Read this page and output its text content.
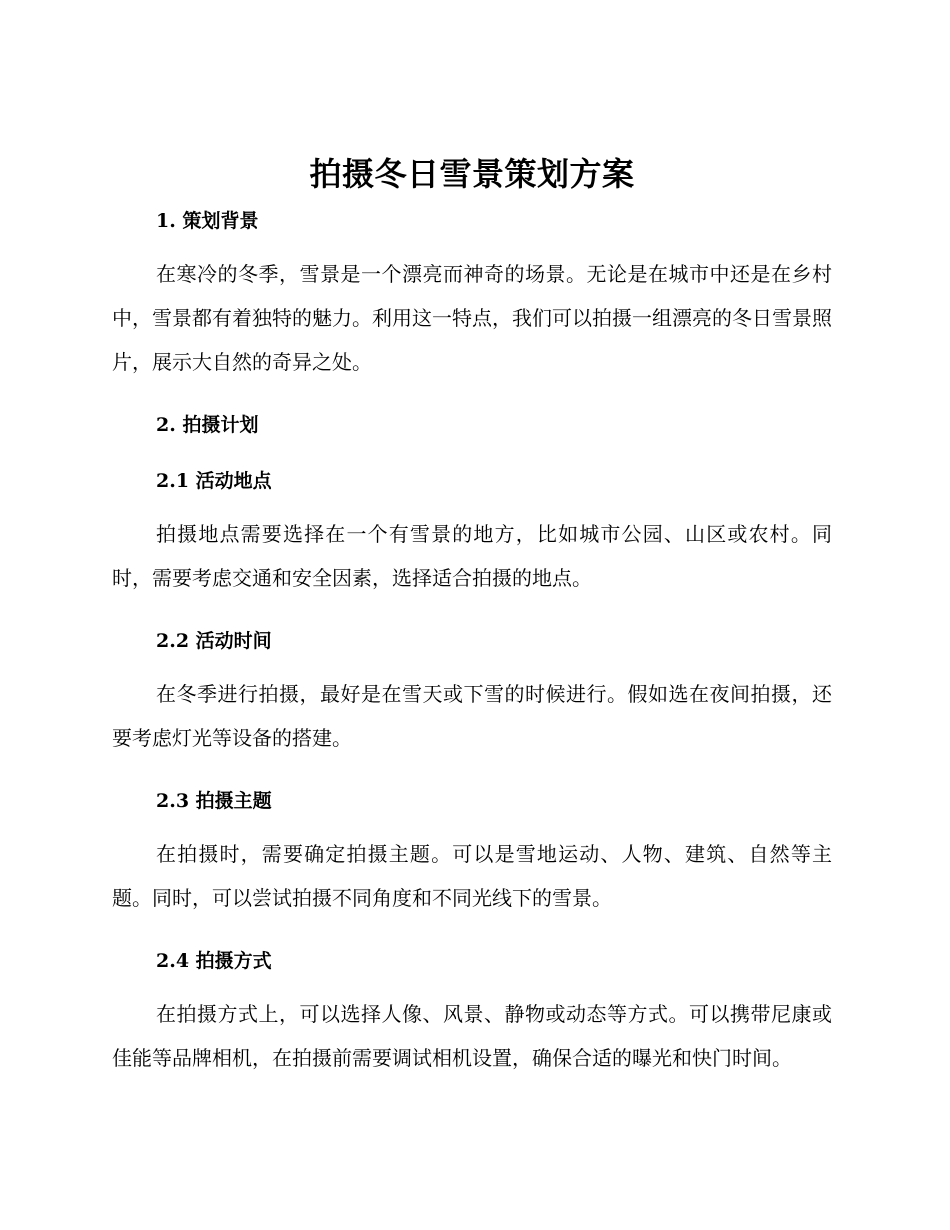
拍摄冬日雪景策划方案
1. 策划背景

在寒冷的冬季，雪景是一个漂亮而神奇的场景。无论是在城市中还是在乡村中，雪景都有着独特的魅力。利用这一特点，我们可以拍摄一组漂亮的冬日雪景照片，展示大自然的奇异之处。

2. 拍摄计划
2.1 活动地点

拍摄地点需要选择在一个有雪景的地方，比如城市公园、山区或农村。同时，需要考虑交通和安全因素，选择适合拍摄的地点。

2.2 活动时间

在冬季进行拍摄，最好是在雪天或下雪的时候进行。假如选在夜间拍摄，还要考虑灯光等设备的搭建。

2.3 拍摄主题

在拍摄时，需要确定拍摄主题。可以是雪地运动、人物、建筑、自然等主题。同时，可以尝试拍摄不同角度和不同光线下的雪景。

2.4 拍摄方式

在拍摄方式上，可以选择人像、风景、静物或动态等方式。可以携带尼康或佳能等品牌相机，在拍摄前需要调试相机设置，确保合适的曝光和快门时间。
